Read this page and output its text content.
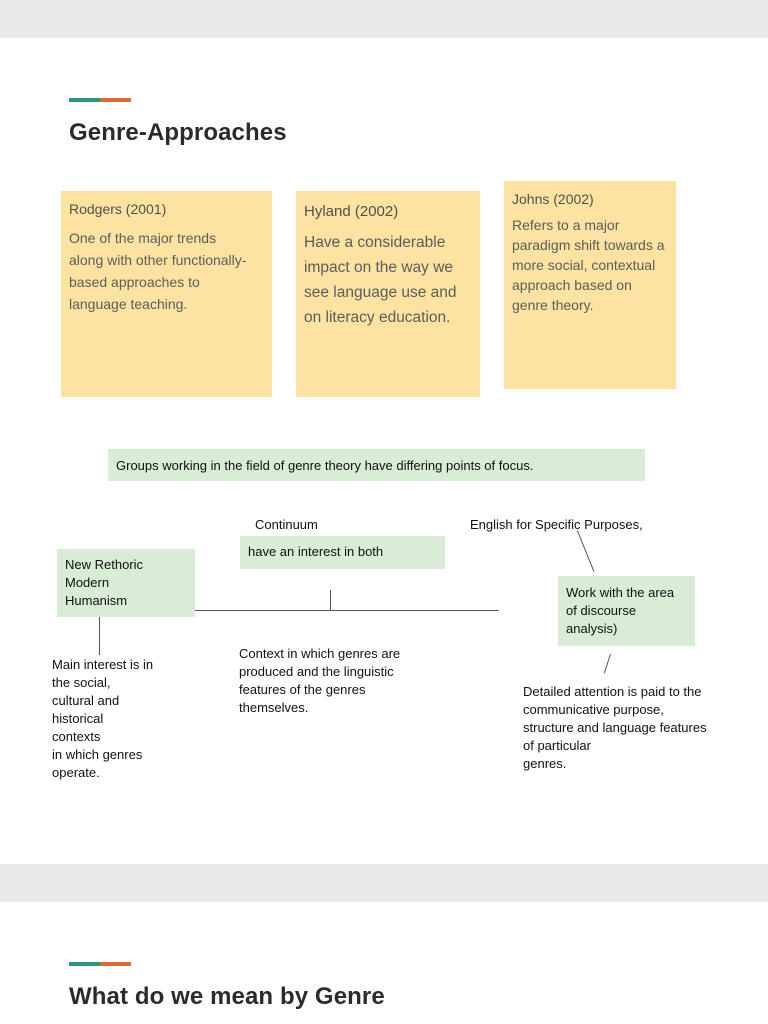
Genre-Approaches
Rodgers (2001)
One of the major trends along with other functionally- based approaches to language teaching.
Hyland (2002)
Have a considerable impact on the way we see language use and on literacy education.
Johns (2002)
Refers to a major paradigm shift towards a more social, contextual approach based on genre theory.
Groups working in the field of genre theory have differing points of focus.
New Rethoric
Modern
Humanism
Continuum
have an interest in both
English for Specific Purposes,
Work with the area of discourse analysis)
Main interest is in
the social,
cultural and
historical
contexts
in which genres
operate.
Context in which genres are
produced and the linguistic
features of the genres
themselves.
Detailed attention is paid to the
communicative purpose,
structure and language features
of particular
genres.
What do we mean by Genre
